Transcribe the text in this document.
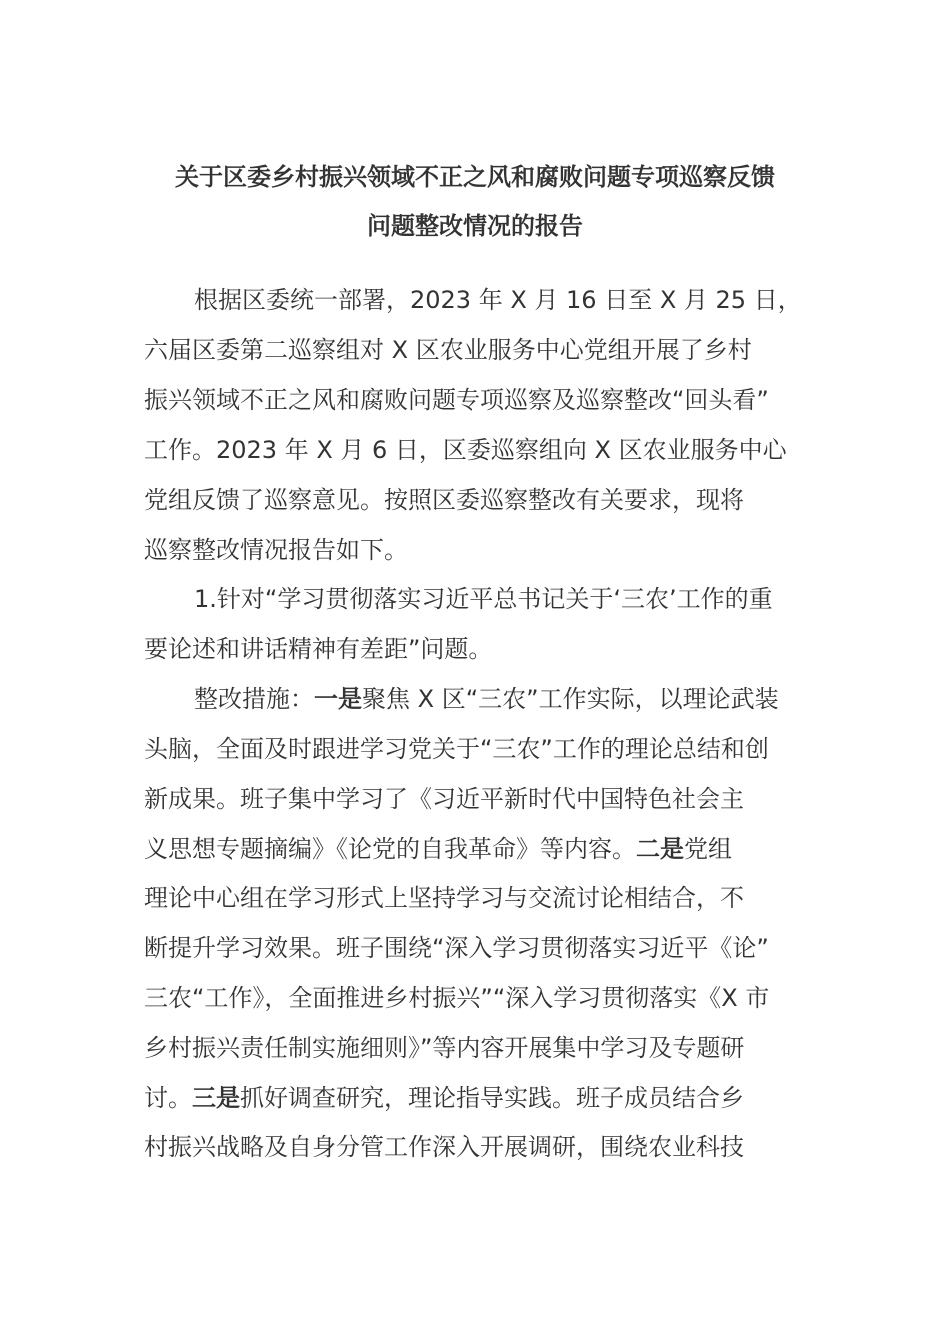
关于区委乡村振兴领域不正之风和腐败问题专项巡察反馈
问题整改情况的报告
根据区委统一部署，2023 年 X 月 16 日至 X 月 25 日，
六届区委第二巡察组对 X 区农业服务中心党组开展了乡村
振兴领域不正之风和腐败问题专项巡察及巡察整改“回头看”
工作。2023 年 X 月 6 日，区委巡察组向 X 区农业服务中心
党组反馈了巡察意见。按照区委巡察整改有关要求，现将
巡察整改情况报告如下。
1.针对“学习贯彻落实习近平总书记关于‘三农’工作的重
要论述和讲话精神有差距”问题。
整改措施：一是聚焦 X 区“三农”工作实际，以理论武装
头脑，全面及时跟进学习党关于“三农”工作的理论总结和创
新成果。班子集中学习了《习近平新时代中国特色社会主
义思想专题摘编》《论党的自我革命》等内容。二是党组
理论中心组在学习形式上坚持学习与交流讨论相结合，不
断提升学习效果。班子围绕“深入学习贯彻落实习近平《论”
三农“工作》，全面推进乡村振兴”“深入学习贯彻落实《X 市
乡村振兴责任制实施细则》”等内容开展集中学习及专题研
讨。三是抓好调查研究，理论指导实践。班子成员结合乡
村振兴战略及自身分管工作深入开展调研，围绕农业科技
